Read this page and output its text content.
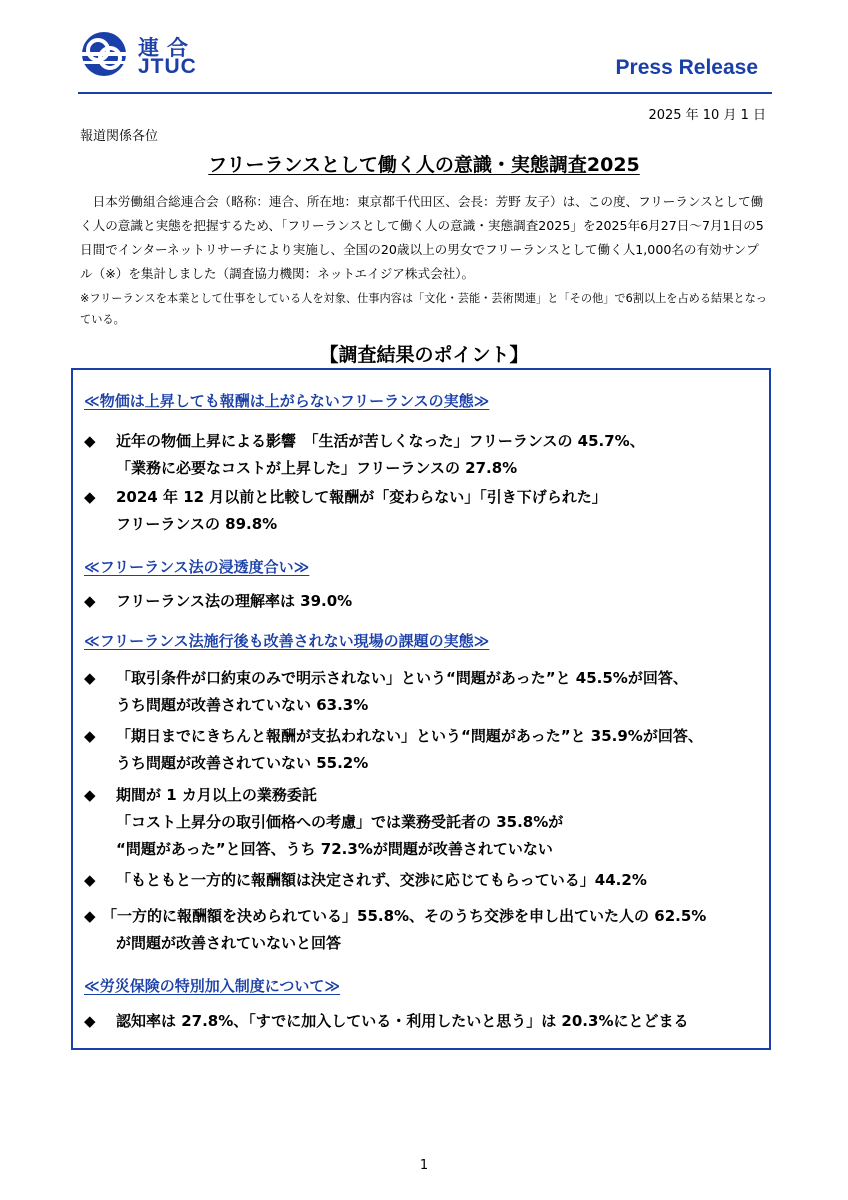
連合
JTUC	Press Release
2025 年 10 月 1 日
報道関係各位
フリーランスとして働く人の意識・実態調査2025
日本労働組合総連合会（略称：連合、所在地：東京都千代田区、会長：芳野 友子）は、この度、フリーランスとして働く人の意識と実態を把握するため、「フリーランスとして働く人の意識・実態調査2025」を2025年6月27日～7月1日の5日間でインターネットリサーチにより実施し、全国の20歳以上の男女でフリーランスとして働く人1,000名の有効サンプル（※）を集計しました（調査協力機関：ネットエイジア株式会社）。
※フリーランスを本業として仕事をしている人を対象、仕事内容は「文化・芸能・芸術関連」と「その他」で6割以上を占める結果となっている。
【調査結果のポイント】
≪物価は上昇しても報酬は上がらないフリーランスの実態≫
◆	近年の物価上昇による影響　「生活が苦しくなった」フリーランスの 45.7%、
「業務に必要なコストが上昇した」フリーランスの 27.8%
◆	2024 年 12 月以前と比較して報酬が「変わらない」「引き下げられた」
フリーランスの 89.8%
≪フリーランス法の浸透度合い≫
◆	フリーランス法の理解率は 39.0%
≪フリーランス法施行後も改善されない現場の課題の実態≫
◆	「取引条件が口約束のみで明示されない」という“問題があった”と 45.5%が回答、
うち問題が改善されていない 63.3%
◆	「期日までにきちんと報酬が支払われない」という“問題があった”と 35.9%が回答、
うち問題が改善されていない 55.2%
◆	期間が 1 カ月以上の業務委託
「コスト上昇分の取引価格への考慮」では業務受託者の 35.8%が
“問題があった”と回答、うち 72.3%が問題が改善されていない
◆	「もともと一方的に報酬額は決定されず、交渉に応じてもらっている」44.2%
◆ 「一方的に報酬額を決められている」55.8%、そのうち交渉を申し出ていた人の 62.5%
が問題が改善されていないと回答
≪労災保険の特別加入制度について≫
◆	認知率は 27.8%、「すでに加入している・利用したいと思う」は 20.3%にとどまる
1
